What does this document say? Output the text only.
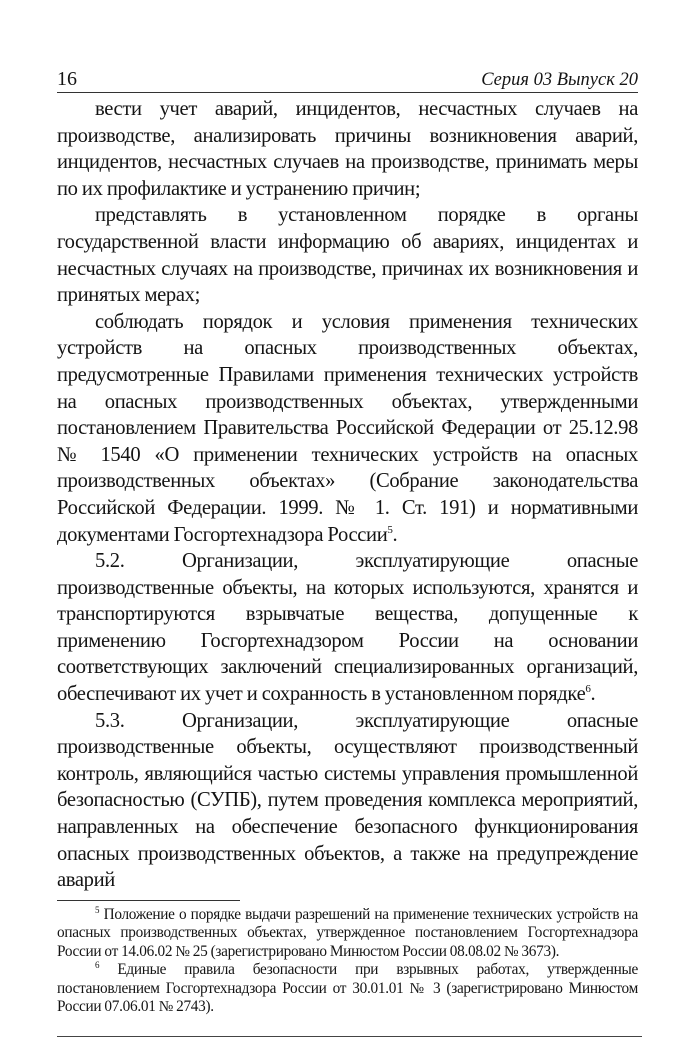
16	Серия 03 Выпуск 20

вести учет аварий, инцидентов, несчастных случаев на производстве, анализировать причины возникновения аварий, инцидентов, несчастных случаев на производстве, принимать меры по их профилактике и устранению причин;

представлять в установленном порядке в органы государственной власти информацию об авариях, инцидентах и несчастных случаях на производстве, причинах их возникновения и принятых мерах;

соблюдать порядок и условия применения технических устройств на опасных производственных объектах, предусмотренные Правилами применения технических устройств на опасных производственных объектах, утвержденными постановлением Правительства Российской Федерации от 25.12.98 № 1540 «О применении технических устройств на опасных производственных объектах» (Собрание законодательства Российской Федерации. 1999. № 1. Ст. 191) и нормативными документами Госгортехнадзора России$^5$.

5.2. Организации, эксплуатирующие опасные производственные объекты, на которых используются, хранятся и транспортируются взрывчатые вещества, допущенные к применению Госгортехнадзором России на основании соответствующих заключений специализированных организаций, обеспечивают их учет и сохранность в установленном порядке$^6$.

5.3. Организации, эксплуатирующие опасные производственные объекты, осуществляют производственный контроль, являющийся частью системы управления промышленной безопасностью (СУПБ), путем проведения комплекса мероприятий, направленных на обеспечение безопасного функционирования опасных производственных объектов, а также на предупреждение аварий

$^5$ Положение о порядке выдачи разрешений на применение технических устройств на опасных производственных объектах, утвержденное постановлением Госгортехнадзора России от 14.06.02 № 25 (зарегистрировано Минюстом России 08.08.02 № 3673).

$^6$ Единые правила безопасности при взрывных работах, утвержденные постановлением Госгортехнадзора России от 30.01.01 № 3 (зарегистрировано Минюстом России 07.06.01 № 2743).
